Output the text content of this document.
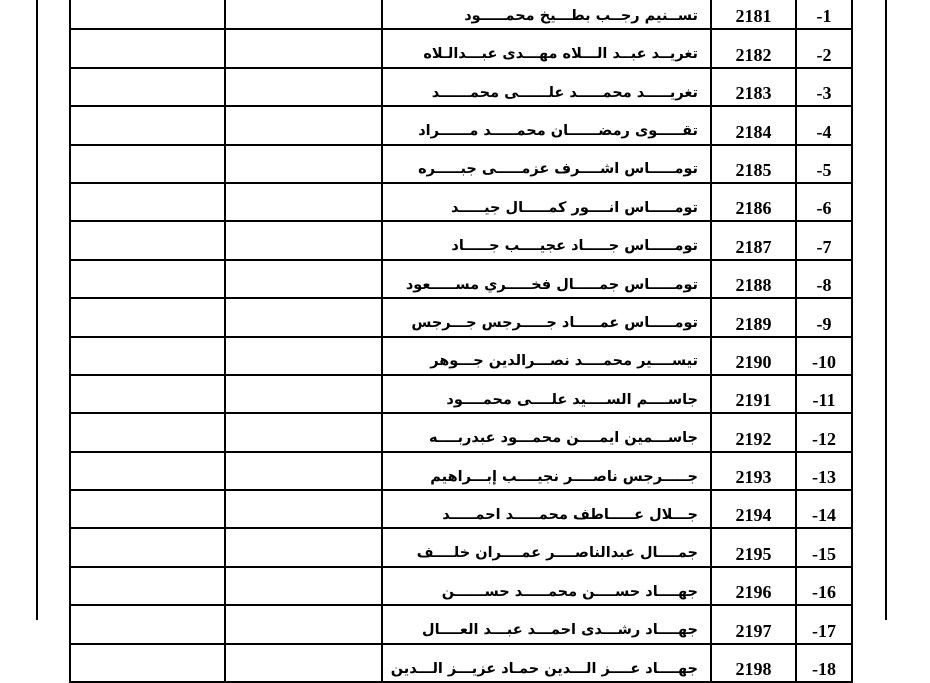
		تســنيم رجــب بطـــيخ محمـــــود	2181	-1
		تغريــد عبــد الـــلاه مهـــدى عبـــدالـلاه	2182	-2
		تغريـــــد محمـــــد علــــــى محمــــــد	2183	-3
		تقـــــوى رمضــــــان محمـــــد مــــــراد	2184	-4
		تومـــــاس اشــــرف عزمـــــى جبـــــره	2185	-5
		تومـــــاس انــــور كمـــــال جيـــــد	2186	-6
		تومـــــاس جـــــاد عجيــــب جـــــاد	2187	-7
		تومـــــاس جمـــــال فخـــــري مســـــعود	2188	-8
		تومـــــاس عمـــــاد جـــــرجس جـــرجس	2189	-9
		تيســــير محمــــد نصـــرالدين جـــوهر	2190	-10
		جاســــم الســــيد علــــى محمــــود	2191	-11
		جاســـمين ايمــــن محمـــود عبدربــــه	2192	-12
		جـــــرجس ناصــــر نجيــــب إبـــراهيم	2193	-13
		جـــلال عـــــاطف محمـــــد احمـــــد	2194	-14
		جمــــال عبدالناصــــر عمــــران خلــــف	2195	-15
		جهــــاد حســــن محمـــــد حســــــن	2196	-16
		جهــــاد رشـــدى احمـــد عبـــد العــــال	2197	-17
		جهــــاد عــــز الـــدين حمـاد عزيـــز الـــدين	2198	-18
